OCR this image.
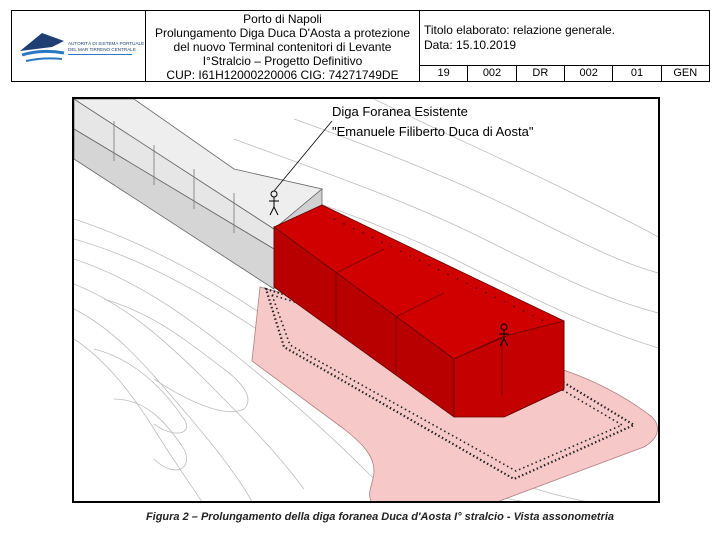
AUTORITÀ DI SISTEMA PORTUALE
DEL MAR TIRRENO CENTRALE
Porto di Napoli
Prolungamento Diga Duca D'Aosta a protezione
del nuovo Terminal contenitori di Levante
I°Stralcio – Progetto Definitivo
CUP: I61H12000220006 CIG: 74271749DE
Titolo elaborato: relazione generale.
Data: 15.10.2019
19	002	DR	002	01	GEN
Diga Foranea Esistente
"Emanuele Filiberto Duca di Aosta"
Figura 2 – Prolungamento della diga foranea Duca d'Aosta I° stralcio - Vista assonometria
